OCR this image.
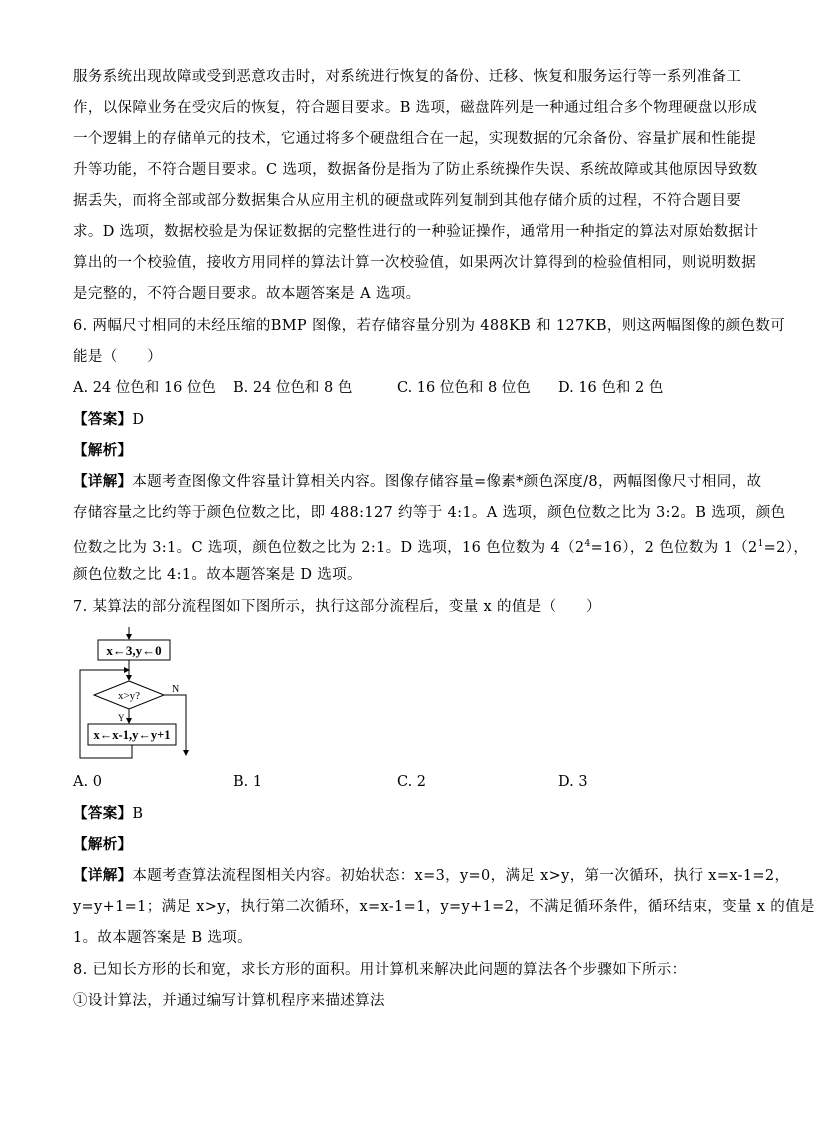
服务系统出现故障或受到恶意攻击时，对系统进行恢复的备份、迁移、恢复和服务运行等一系列准备工
作，以保障业务在受灾后的恢复，符合题目要求。B 选项，磁盘阵列是一种通过组合多个物理硬盘以形成
一个逻辑上的存储单元的技术，它通过将多个硬盘组合在一起，实现数据的冗余备份、容量扩展和性能提
升等功能，不符合题目要求。C 选项，数据备份是指为了防止系统操作失误、系统故障或其他原因导致数
据丢失，而将全部或部分数据集合从应用主机的硬盘或阵列复制到其他存储介质的过程，不符合题目要
求。D 选项，数据校验是为保证数据的完整性进行的一种验证操作，通常用一种指定的算法对原始数据计
算出的一个校验值，接收方用同样的算法计算一次校验值，如果两次计算得到的检验值相同，则说明数据
是完整的，不符合题目要求。故本题答案是 A 选项。
6. 两幅尺寸相同的未经压缩的BMP 图像，若存储容量分别为 488KB 和 127KB，则这两幅图像的颜色数可
能是（　　）
A. 24 位色和 16 位色 B. 24 位色和 8 色	C. 16 位色和 8 位色 D. 16 色和 2 色
【答案】D
【解析】
【详解】本题考查图像文件容量计算相关内容。图像存储容量=像素*颜色深度/8，两幅图像尺寸相同，故
存储容量之比约等于颜色位数之比，即 488:127 约等于 4:1。A 选项，颜色位数之比为 3:2。B 选项，颜色
位数之比为 3:1。C 选项，颜色位数之比为 2:1。D 选项，16 色位数为 $4(2^4=16)$，2 色位数为 $1(2^1=2)$，
颜色位数之比 4:1。故本题答案是 D 选项。
7. 某算法的部分流程图如下图所示，执行这部分流程后，变量 x 的值是（　　）
x←3,y←0
x>y?
N
Y
x←x-1,y←y+1
A. 0	B. 1	C. 2	D. 3
【答案】B
【解析】
【详解】本题考查算法流程图相关内容。初始状态：x=3，y=0，满足 x>y，第一次循环，执行 x=x-1=2，
y=y+1=1；满足 x>y，执行第二次循环，x=x-1=1，y=y+1=2，不满足循环条件，循环结束，变量 x 的值是
1。故本题答案是 B 选项。
8. 已知长方形的长和宽，求长方形的面积。用计算机来解决此问题的算法各个步骤如下所示：
①设计算法，并通过编写计算机程序来描述算法
